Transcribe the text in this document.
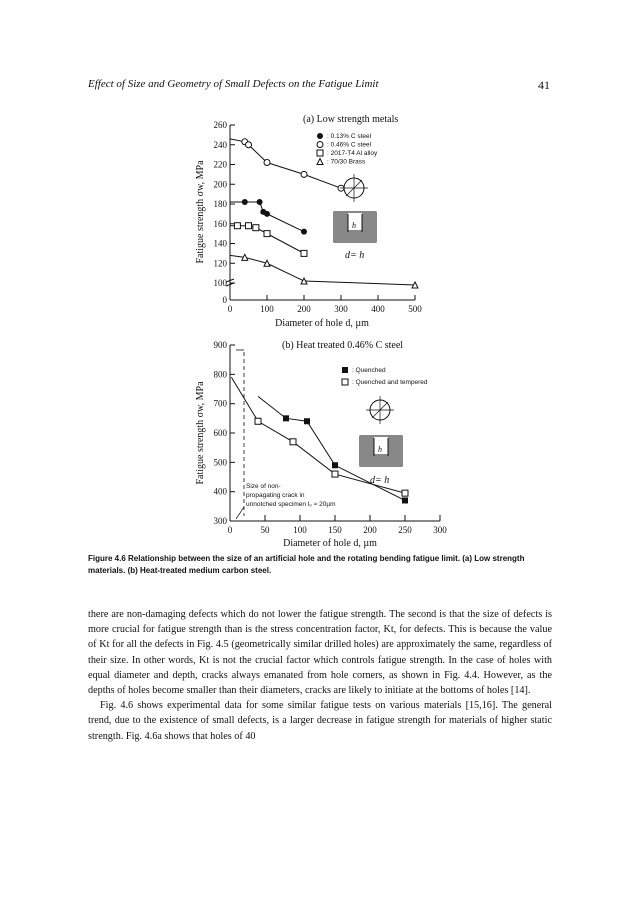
Effect of Size and Geometry of Small Defects on the Fatigue Limit	41
(a) Low strength metals
0
100
120
140
160
180
200
220
240
260
0	100	200	300	400	500
Fatigue strength σw, MPa
Diameter of hole d, µm
: 0.13% C steel
: 0.46% C steel
: 2017-T4 Al alloy
: 70/30 Brass
h
d= h
(b) Heat treated 0.46% C steel
300
400
500
600
700
800
900
0	50	100 150 200 250 300
Fatigue strength σw, MPa
Diameter of hole d, µm
Size of non-
propagating crack in
unnotched specimen l₀ ≈ 20µm
: Quenched
: Quenched and tempered
h
d= h
Figure 4.6 Relationship between the size of an artificial hole and the rotating bending fatigue limit. (a) Low strength materials. (b) Heat-treated medium carbon steel.

there are non-damaging defects which do not lower the fatigue strength. The second is that the size of defects is more crucial for fatigue strength than is the stress concentration factor, Kt, for defects. This is because the value of Kt for all the defects in Fig. 4.5 (geometrically similar drilled holes) are approximately the same, regardless of their size. In other words, Kt is not the crucial factor which controls fatigue strength. In the case of holes with equal diameter and depth, cracks always emanated from hole corners, as shown in Fig. 4.4. However, as the depths of holes become smaller than their diameters, cracks are likely to initiate at the bottoms of holes [14].

Fig. 4.6 shows experimental data for some similar fatigue tests on various materials [15,16]. The general trend, due to the existence of small defects, is a larger decrease in fatigue strength for materials of higher static strength. Fig. 4.6a shows that holes of 40
